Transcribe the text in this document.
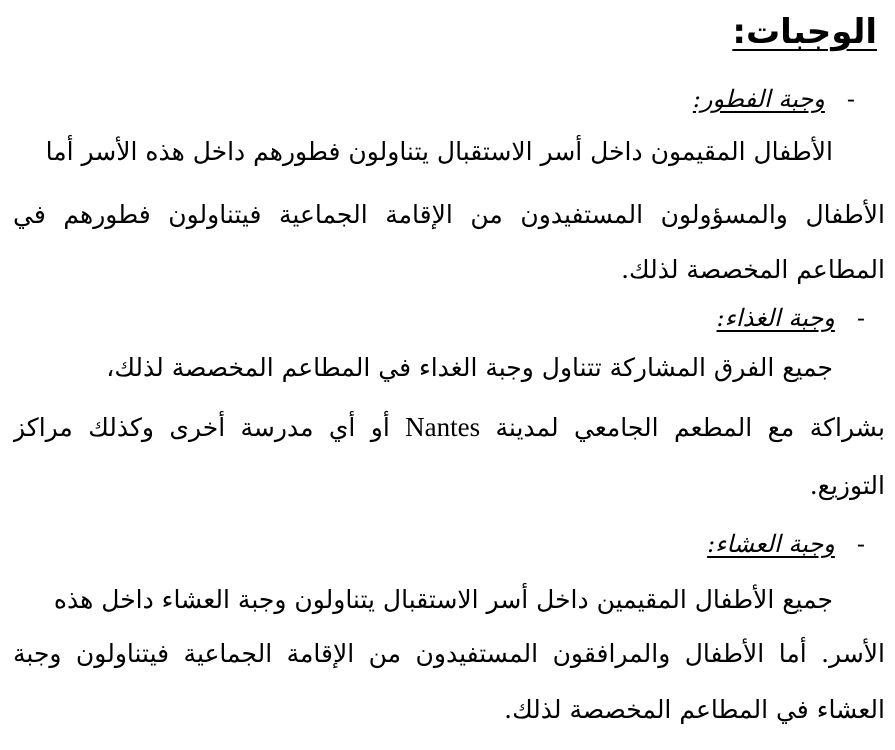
الوجبات:
-وجبة الفطور:
الأطفال المقيمون داخل أسر الاستقبال يتناولون فطورهم داخل هذه الأسر أما
الأطفال والمسؤولون المستفيدون من الإقامة الجماعية فيتناولون فطورهم في
المطاعم المخصصة لذلك.
-وجبة الغذاء:
جميع الفرق المشاركة تتناول وجبة الغداء في المطاعم المخصصة لذلك،
بشراكة مع المطعم الجامعي لمدينة Nantes أو أي مدرسة أخرى وكذلك مراكز
التوزيع.
-وجبة العشاء:
جميع الأطفال المقيمين داخل أسر الاستقبال يتناولون وجبة العشاء داخل هذه
الأسر. أما الأطفال والمرافقون المستفيدون من الإقامة الجماعية فيتناولون وجبة
العشاء في المطاعم المخصصة لذلك.
